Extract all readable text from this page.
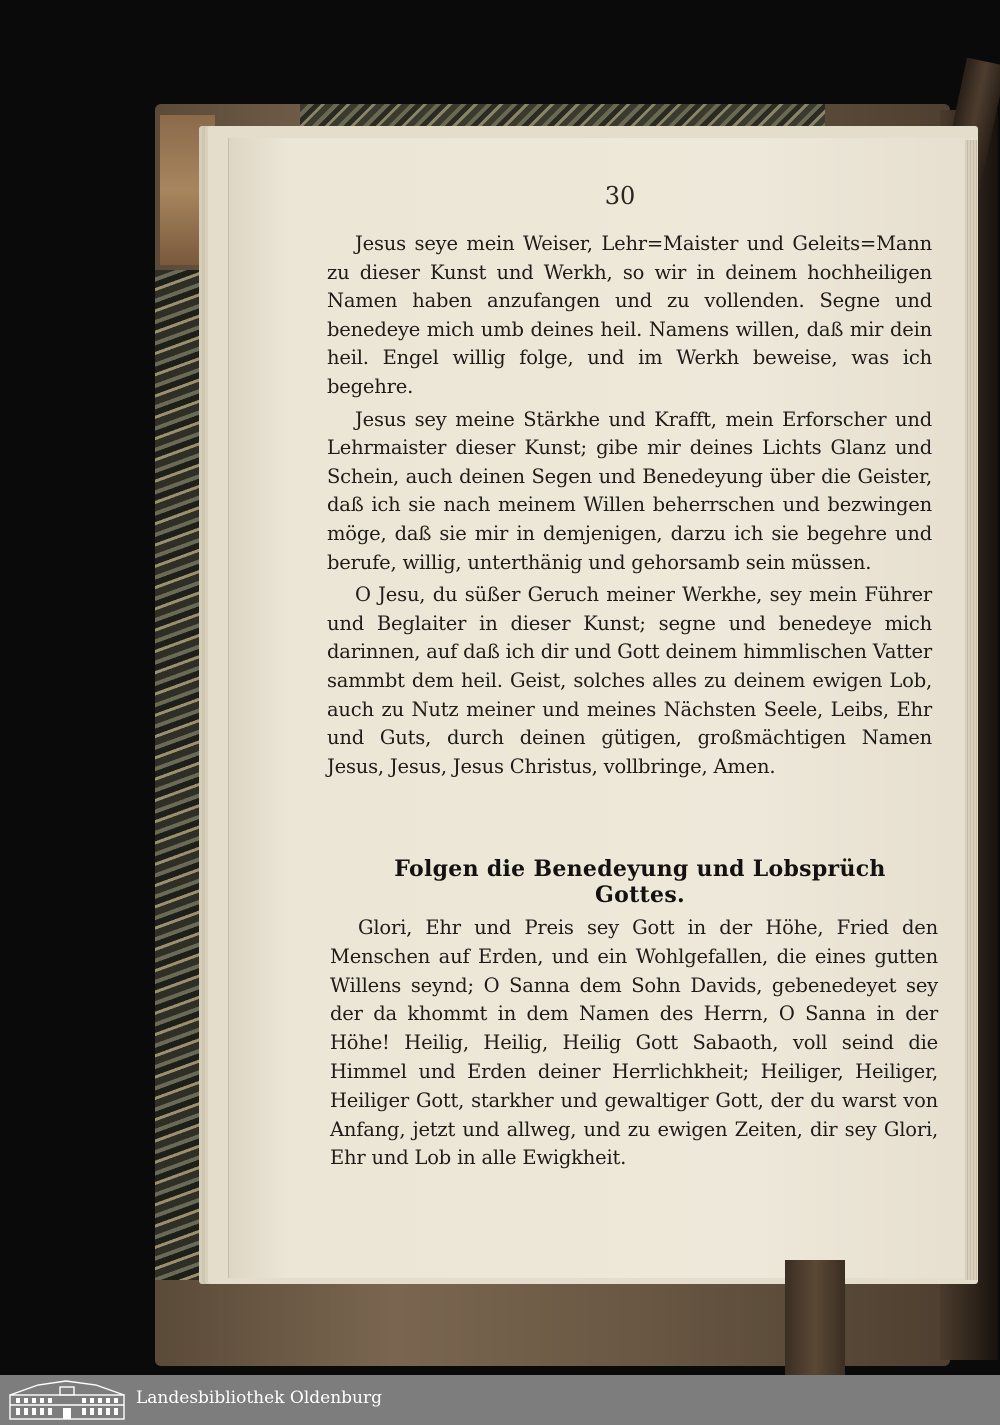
30

Jesus seye mein Weiser, Lehr=Maister und Geleits=Mann zu dieser Kunst und Werkh, so wir in deinem hochheiligen Namen haben anzufangen und zu vollenden. Segne und benedeye mich umb deines heil. Namens willen, daß mir dein heil. Engel willig folge, und im Werkh beweise, was ich begehre.

Jesus sey meine Stärkhe und Krafft, mein Erforscher und Lehrmaister dieser Kunst; gibe mir deines Lichts Glanz und Schein, auch deinen Segen und Benedeyung über die Geister, daß ich sie nach meinem Willen beherrschen und bezwingen möge, daß sie mir in demjenigen, darzu ich sie begehre und berufe, willig, unterthänig und gehorsamb sein müssen.

O Jesu, du süßer Geruch meiner Werkhe, sey mein Führer und Beglaiter in dieser Kunst; segne und benedeye mich darinnen, auf daß ich dir und Gott deinem himmlischen Vatter sammbt dem heil. Geist, solches alles zu deinem ewigen Lob, auch zu Nutz meiner und meines Nächsten Seele, Leibs, Ehr und Guts, durch deinen gütigen, großmächtigen Namen Jesus, Jesus, Jesus Christus, vollbringe, Amen.

Folgen die Benedeyung und Lobsprüch Gottes.

Glori, Ehr und Preis sey Gott in der Höhe, Fried den Menschen auf Erden, und ein Wohlgefallen, die eines gutten Willens seynd; O Sanna dem Sohn Davids, gebenedeyet sey der da khommt in dem Namen des Herrn, O Sanna in der Höhe! Heilig, Heilig, Heilig Gott Sabaoth, voll seind die Himmel und Erden deiner Herrlichkheit; Heiliger, Heiliger, Heiliger Gott, starkher und gewaltiger Gott, der du warst von Anfang, jetzt und allweg, und zu ewigen Zeiten, dir sey Glori, Ehr und Lob in alle Ewigkheit.

Landesbibliothek Oldenburg
